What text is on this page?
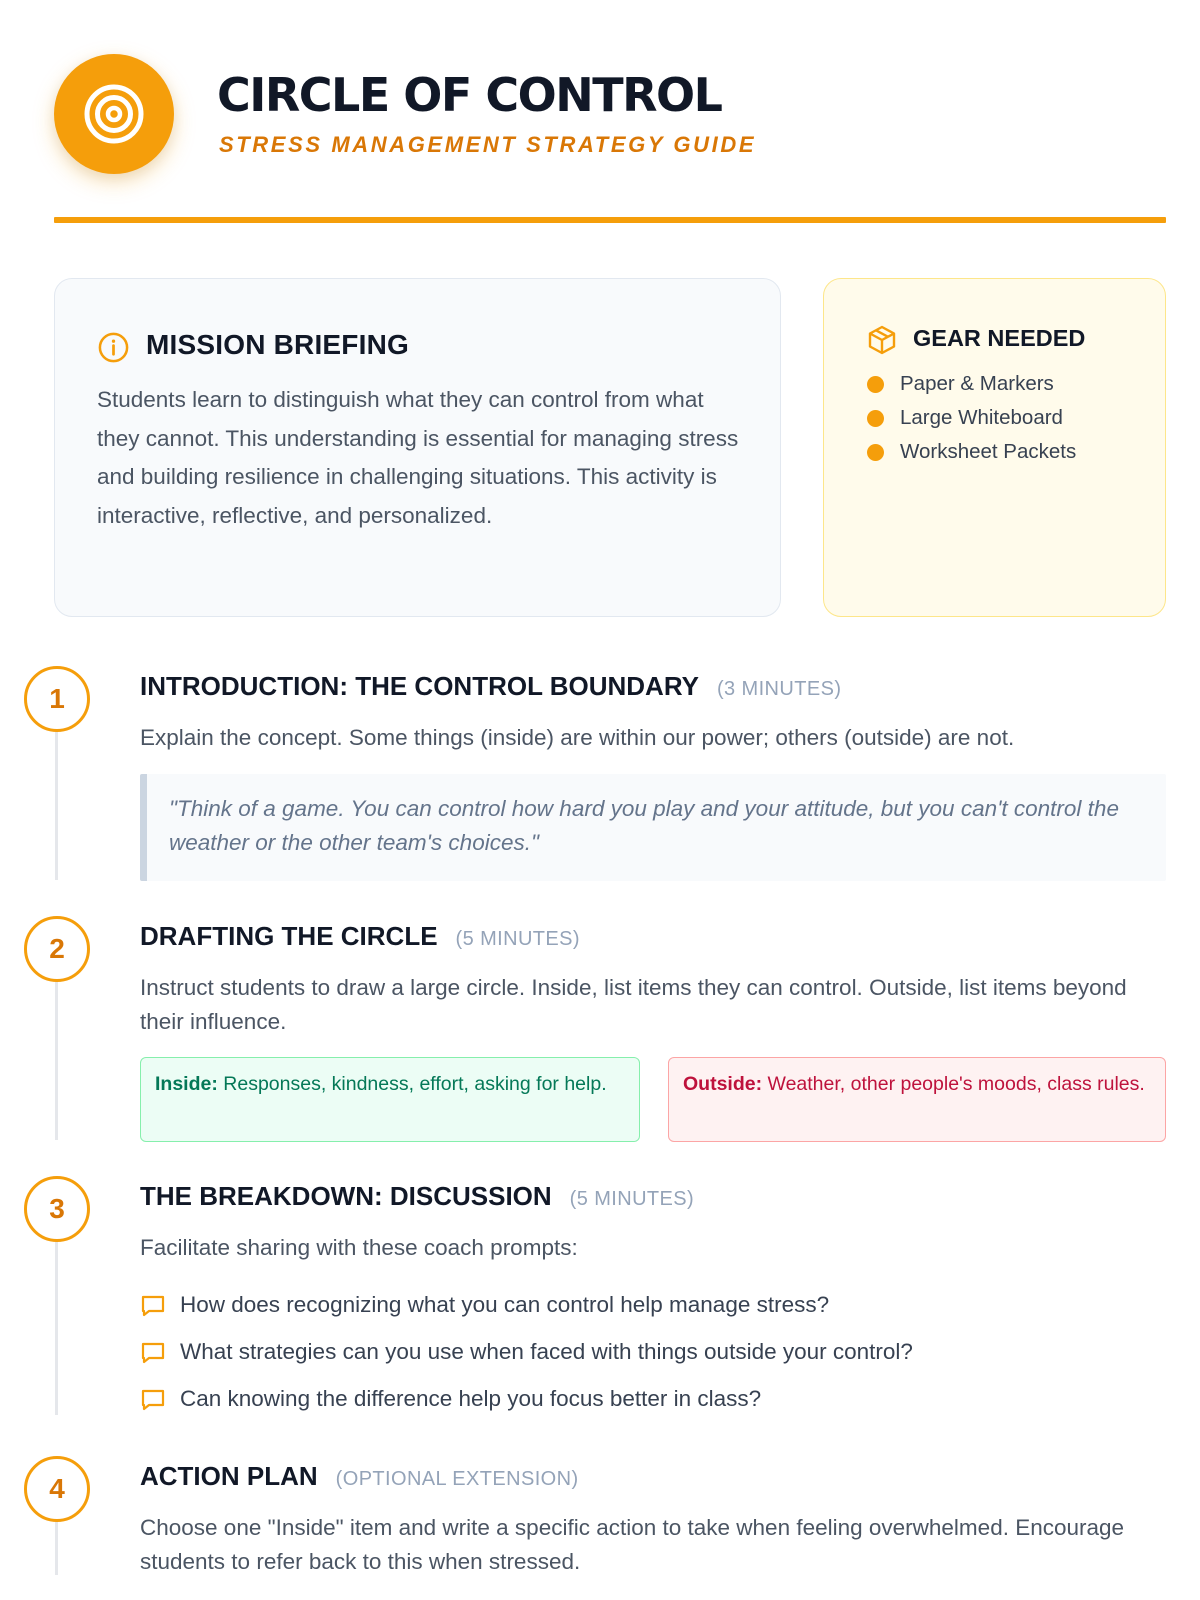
CIRCLE OF CONTROL
STRESS MANAGEMENT STRATEGY GUIDE
MISSION BRIEFING

Students learn to distinguish what they can control from what they cannot. This understanding is essential for managing stress and building resilience in challenging situations. This activity is interactive, reflective, and personalized.

GEAR NEEDED
Paper & Markers
Large Whiteboard
Worksheet Packets
1	INTRODUCTION: THE CONTROL BOUNDARY (3 MINUTES)
Explain the concept. Some things (inside) are within our power; others (outside) are not.

"Think of a game. You can control how hard you play and your attitude, but you can't control the weather or the other team's choices."

2	DRAFTING THE CIRCLE (5 MINUTES)
Instruct students to draw a large circle. Inside, list items they can control. Outside, list items beyond their influence.
Inside: Responses, kindness, effort, asking for help.	Outside: Weather, other people's moods, class rules.
3	THE BREAKDOWN: DISCUSSION (5 MINUTES)
Facilitate sharing with these coach prompts:
How does recognizing what you can control help manage stress?
What strategies can you use when faced with things outside your control?
Can knowing the difference help you focus better in class?
4	ACTION PLAN (OPTIONAL EXTENSION)
Choose one "Inside" item and write a specific action to take when feeling overwhelmed. Encourage students to refer back to this when stressed.
